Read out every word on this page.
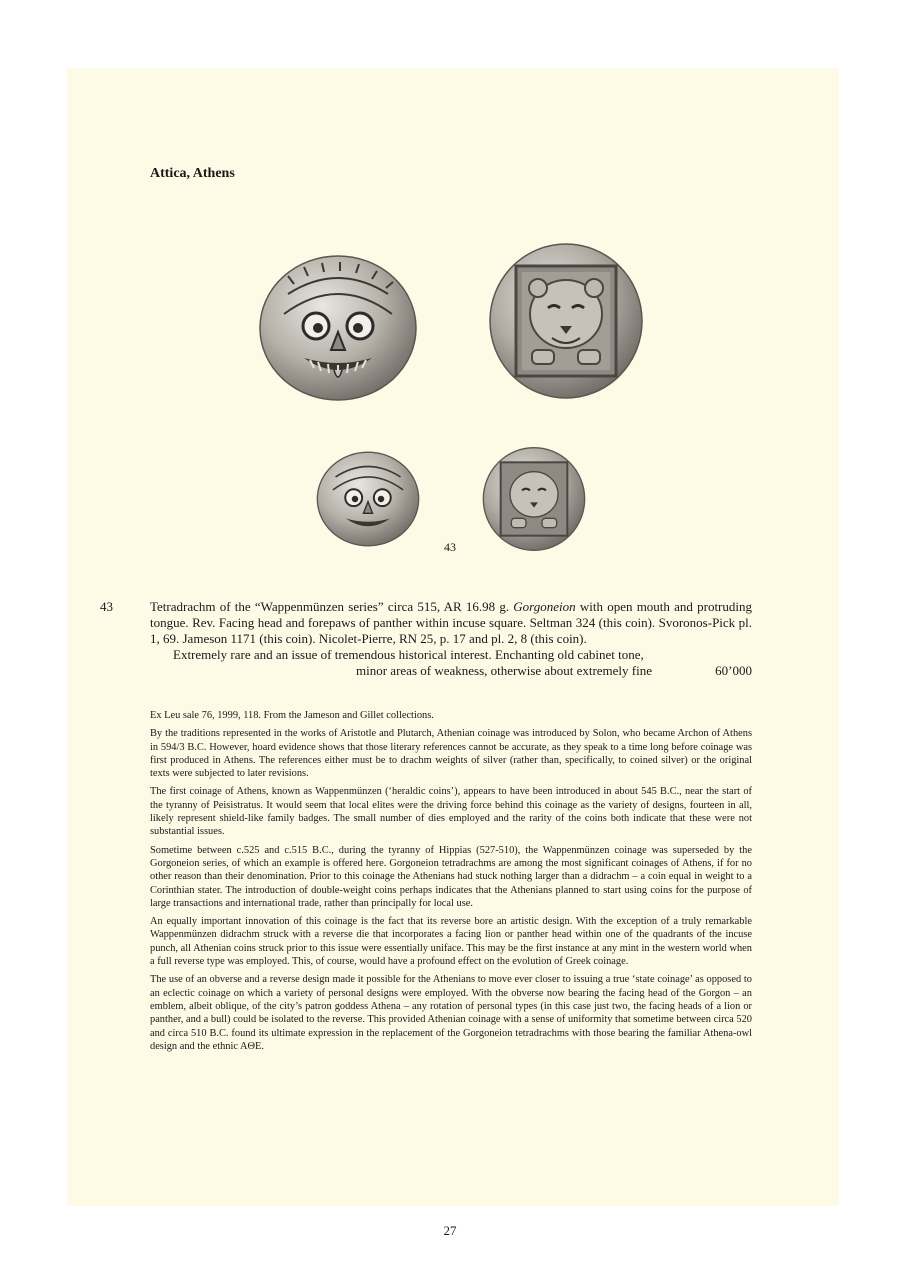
Attica, Athens
43
43	Tetradrachm of the “Wappenmünzen series” circa 515, AR 16.98 g. Gorgoneion with open mouth and protruding tongue. Rev. Facing head and forepaws of panther within incuse square. Seltman 324 (this coin). Svoronos-Pick pl. 1, 69. Jameson 1171 (this coin). Nicolet-Pierre, RN 25, p. 17 and pl. 2, 8 (this coin).
Extremely rare and an issue of tremendous historical interest. Enchanting old cabinet tone,
minor areas of weakness, otherwise about extremely fine	60’000

Ex Leu sale 76, 1999, 118. From the Jameson and Gillet collections.

By the traditions represented in the works of Aristotle and Plutarch, Athenian coinage was introduced by Solon, who became Archon of Athens in 594/3 B.C. However, hoard evidence shows that those literary references cannot be accurate, as they speak to a time long before coinage was first produced in Athens. The references either must be to drachm weights of silver (rather than, specifically, to coined silver) or the original texts were subjected to later revisions.

The first coinage of Athens, known as Wappenmünzen (‘heraldic coins’), appears to have been introduced in about 545 B.C., near the start of the tyranny of Peisistratus. It would seem that local elites were the driving force behind this coinage as the variety of designs, fourteen in all, likely represent shield-like family badges. The small number of dies employed and the rarity of the coins both indicate that these were not substantial issues.

Sometime between c.525 and c.515 B.C., during the tyranny of Hippias (527-510), the Wappenmünzen coinage was superseded by the Gorgoneion series, of which an example is offered here. Gorgoneion tetradrachms are among the most significant coinages of Athens, if for no other reason than their denomination. Prior to this coinage the Athenians had stuck nothing larger than a didrachm – a coin equal in weight to a Corinthian stater. The introduction of double-weight coins perhaps indicates that the Athenians planned to start using coins for the purpose of large transactions and international trade, rather than principally for local use.

An equally important innovation of this coinage is the fact that its reverse bore an artistic design. With the exception of a truly remarkable Wappenmünzen didrachm struck with a reverse die that incorporates a facing lion or panther head within one of the quadrants of the incuse punch, all Athenian coins struck prior to this issue were essentially uniface. This may be the first instance at any mint in the western world when a full reverse type was employed. This, of course, would have a profound effect on the evolution of Greek coinage.

The use of an obverse and a reverse design made it possible for the Athenians to move ever closer to issuing a true ‘state coinage’ as opposed to an eclectic coinage on which a variety of personal designs were employed. With the obverse now bearing the facing head of the Gorgon – an emblem, albeit oblique, of the city’s patron goddess Athena – any rotation of personal types (in this case just two, the facing heads of a lion or panther, and a bull) could be isolated to the reverse. This provided Athenian coinage with a sense of uniformity that sometime between circa 520 and circa 510 B.C. found its ultimate expression in the replacement of the Gorgoneion tetradrachms with those bearing the familiar Athena-owl design and the ethnic AΘE.

27
